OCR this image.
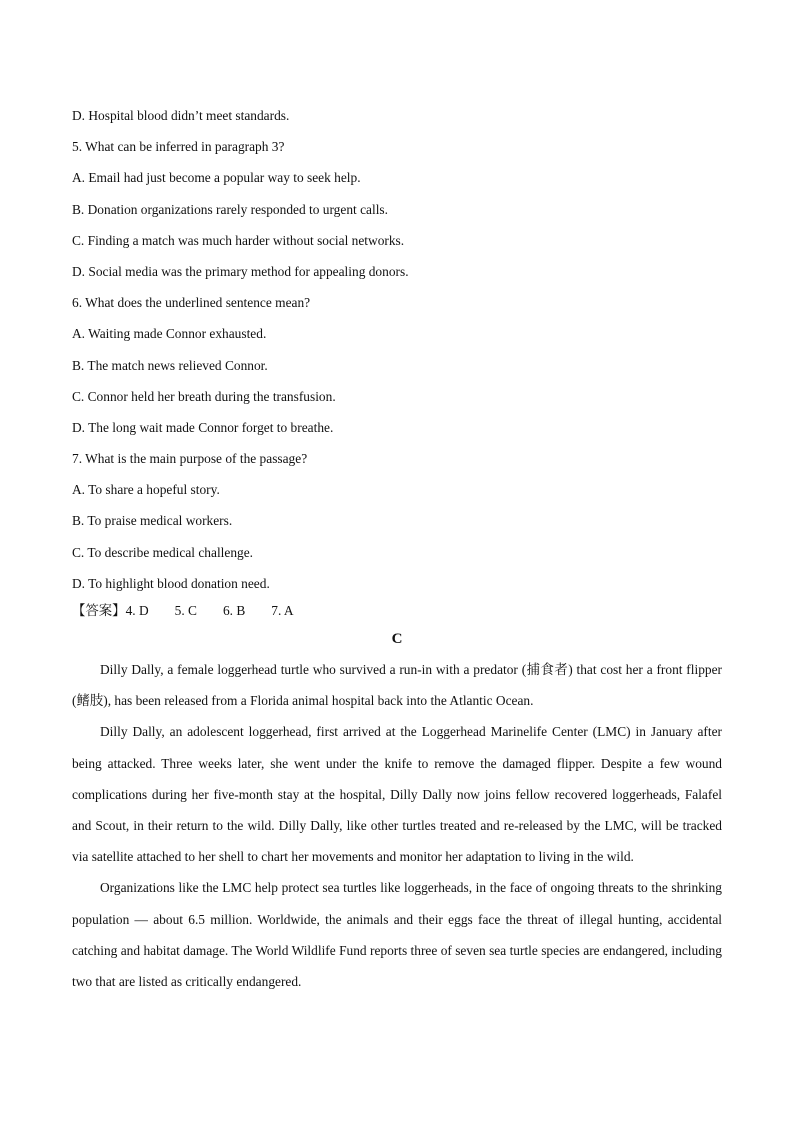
D. Hospital blood didn’t meet standards.
5. What can be inferred in paragraph 3?
A. Email had just become a popular way to seek help.
B. Donation organizations rarely responded to urgent calls.
C. Finding a match was much harder without social networks.
D. Social media was the primary method for appealing donors.
6. What does the underlined sentence mean?
A. Waiting made Connor exhausted.
B. The match news relieved Connor.
C. Connor held her breath during the transfusion.
D. The long wait made Connor forget to breathe.
7. What is the main purpose of the passage?
A. To share a hopeful story.
B. To praise medical workers.
C. To describe medical challenge.
D. To highlight blood donation need.
【答案】4. D 5. C 6. B 7. A
C

Dilly Dally, a female loggerhead turtle who survived a run-in with a predator (捕食者) that cost her a front flipper (鳍肢), has been released from a Florida animal hospital back into the Atlantic Ocean.

Dilly Dally, an adolescent loggerhead, first arrived at the Loggerhead Marinelife Center (LMC) in January after being attacked. Three weeks later, she went under the knife to remove the damaged flipper. Despite a few wound complications during her five-month stay at the hospital, Dilly Dally now joins fellow recovered loggerheads, Falafel and Scout, in their return to the wild. Dilly Dally, like other turtles treated and re-released by the LMC, will be tracked via satellite attached to her shell to chart her movements and monitor her adaptation to living in the wild.

Organizations like the LMC help protect sea turtles like loggerheads, in the face of ongoing threats to the shrinking population — about 6.5 million. Worldwide, the animals and their eggs face the threat of illegal hunting, accidental catching and habitat damage. The World Wildlife Fund reports three of seven sea turtle species are endangered, including two that are listed as critically endangered.
